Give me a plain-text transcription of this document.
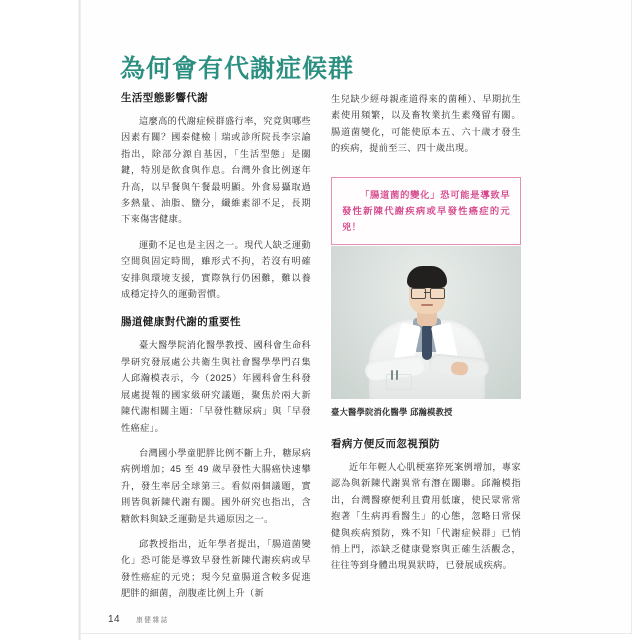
為何會有代謝症候群
生活型態影響代謝

這麼高的代謝症候群盛行率，究竟與哪些因素有關？國泰健檢｜瑞或診所院長李宗諭指出，除部分源自基因，「生活型態」是關鍵，特別是飲食與作息。台灣外食比例逐年升高，以早餐與午餐最明顯。外食易攝取過多熱量、油脂、鹽分，纖維素卻不足，長期下來傷害健康。

運動不足也是主因之一。現代人缺乏運動空間與固定時間，雖形式不拘，若沒有明確安排與環境支援，實際執行仍困難，難以養成穩定持久的運動習慣。

腸道健康對代謝的重要性

臺大醫學院消化醫學教授、國科會生命科學研究發展處公共衛生與社會醫學學門召集人邱瀚模表示，今（2025）年國科會生科發展處提報的國家級研究議題，聚焦於兩大新陳代謝相關主題：「早發性糖尿病」與「早發性癌症」。

台灣國小學童肥胖比例不斷上升，糖尿病病例增加；45 至 49 歲早發性大腸癌快速攀升，發生率居全球第三。看似兩個議題，實則皆與新陳代謝有關。國外研究也指出，含糖飲料與缺乏運動是共通原因之一。

邱教授指出，近年學者提出，「腸道菌變化」恐可能是導致早發性新陳代謝疾病或早發性癌症的元兇；現今兒童腸道含較多促進肥胖的細菌，剖腹產比例上升（新

生兒缺少經母親產道得來的菌種）、早期抗生素使用頻繁，以及畜牧業抗生素殘留有關。腸道菌變化，可能使原本五、六十歲才發生的疾病，提前至三、四十歲出現。

「腸道菌的變化」恐可能是導致早發性新陳代謝疾病或早發性癌症的元兇！

臺大醫學院消化醫學 邱瀚模教授
看病方便反而忽視預防

近年年輕人心肌梗塞猝死案例增加，專家認為與新陳代謝異常有潛在關聯。邱瀚模指出，台灣醫療便利且費用低廉，使民眾常常抱著「生病再看醫生」的心態，忽略日常保健與疾病預防，殊不知「代謝症候群」已悄悄上門，添缺乏健康覺察與正確生活觀念，往往等到身體出現異狀時，已發展成疾病。

14 康健雜誌
